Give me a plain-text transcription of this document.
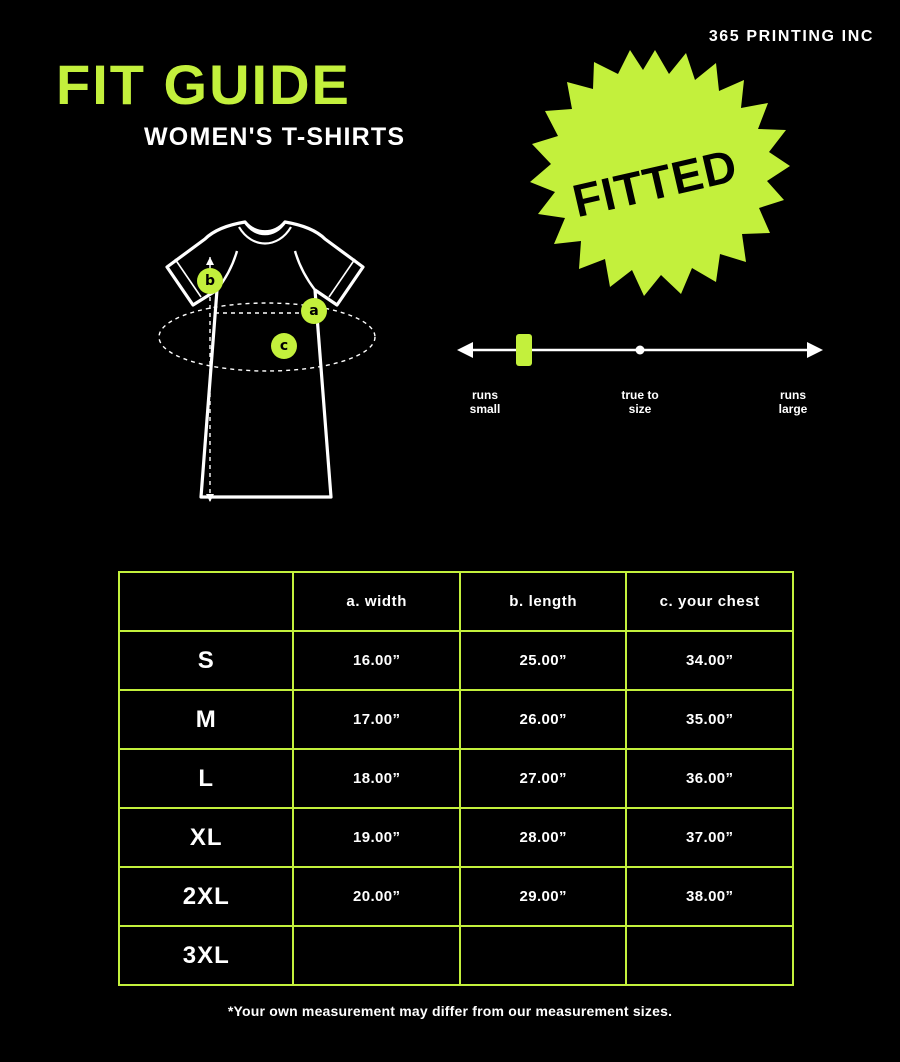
365 PRINTING INC
FIT GUIDE
WOMEN'S T-SHIRTS
a
b
c
FITTED
runs
small
true to
size
runs
large
	a. width	b. length	c. your chest
S	16.00”	25.00”	34.00”
M	17.00”	26.00”	35.00”
L	18.00”	27.00”	36.00”
XL	19.00”	28.00”	37.00”
2XL	20.00”	29.00”	38.00”
3XL			
*Your own measurement may differ from our measurement sizes.
